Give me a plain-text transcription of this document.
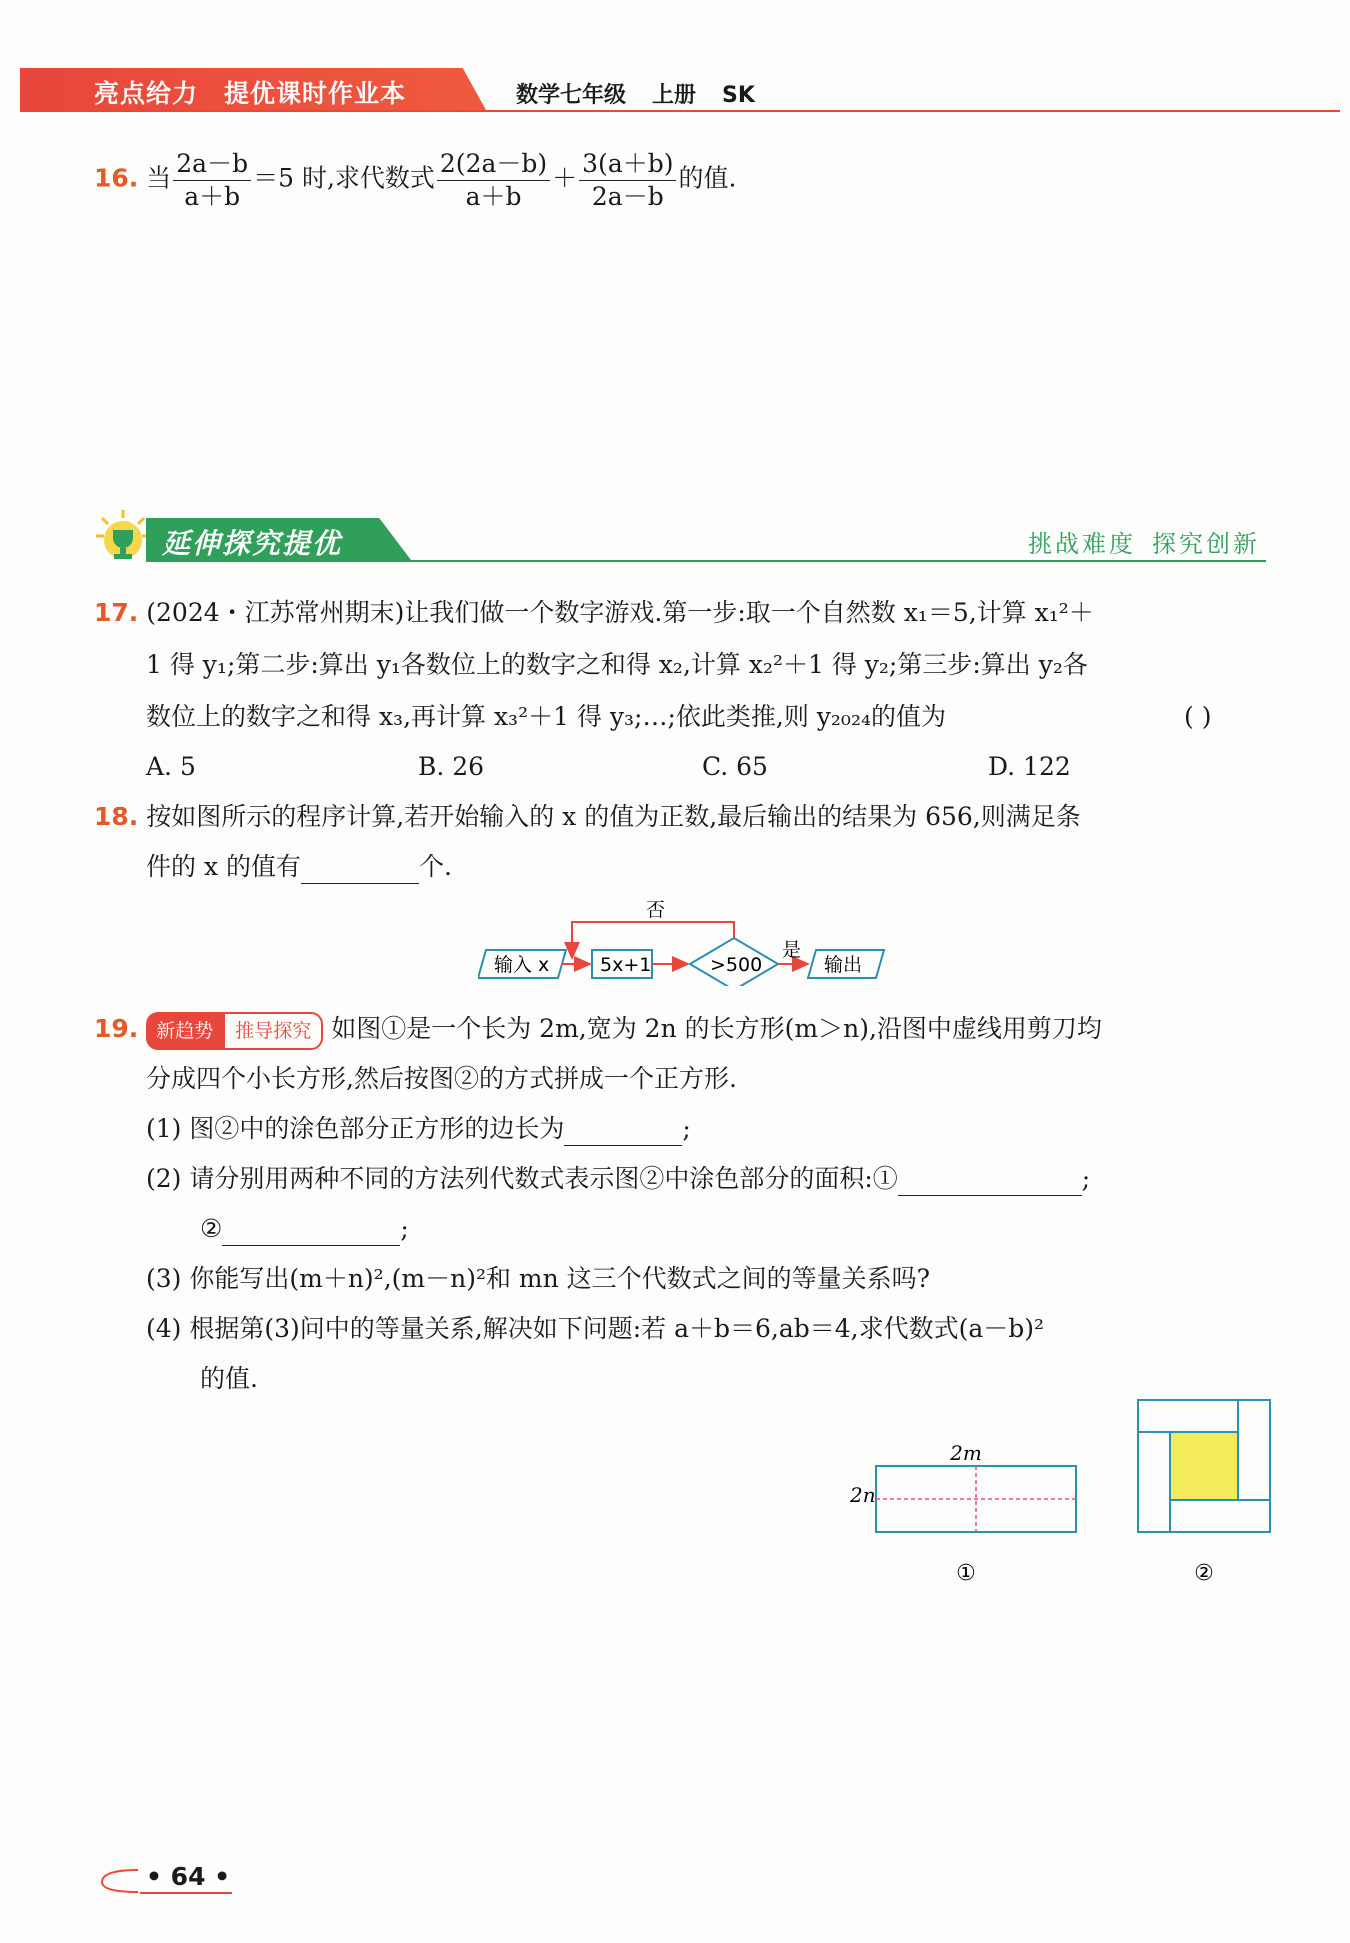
亮点给力 提优课时作业本	数学七年级 上册 SK
16. 当 $\frac{2a-b}{a+b} =5$ 时,求代数式 $\frac{2(2a-b)}{a+b} + \frac{3(a+b)}{2a-b}$ 的值.
延伸探究提优	挑战难度 探究创新
17. (2024・江苏常州期末)让我们做一个数字游戏.第一步:取一个自然数 x₁＝5,计算 x₁²＋
1 得 y₁;第二步:算出 y₁各数位上的数字之和得 x₂,计算 x₂²＋1 得 y₂;第三步:算出 y₂各
数位上的数字之和得 x₃,再计算 x₃²＋1 得 y₃;…;依此类推,则 y₂₀₂₄的值为	( )
A. 5	B. 26	C. 65	D. 122
18. 按如图所示的程序计算,若开始输入的 x 的值为正数,最后输出的结果为 656,则满足条
件的 x 的值有	个.
输入 x	5x+1	>500
是
输出
否
19. 新趋势 推导探究 如图①是一个长为 2m,宽为 2n 的长方形(m＞n),沿图中虚线用剪刀均
分成四个小长方形,然后按图②的方式拼成一个正方形.
(1) 图②中的涂色部分正方形的边长为	;
(2) 请分别用两种不同的方法列代数式表示图②中涂色部分的面积:①	;
②	;
(3) 你能写出(m＋n)²,(m－n)²和 mn 这三个代数式之间的等量关系吗?
(4) 根据第(3)问中的等量关系,解决如下问题:若 a＋b＝6,ab＝4,求代数式(a－b)²
的值.
2m
2n
①	②
• 64 •
